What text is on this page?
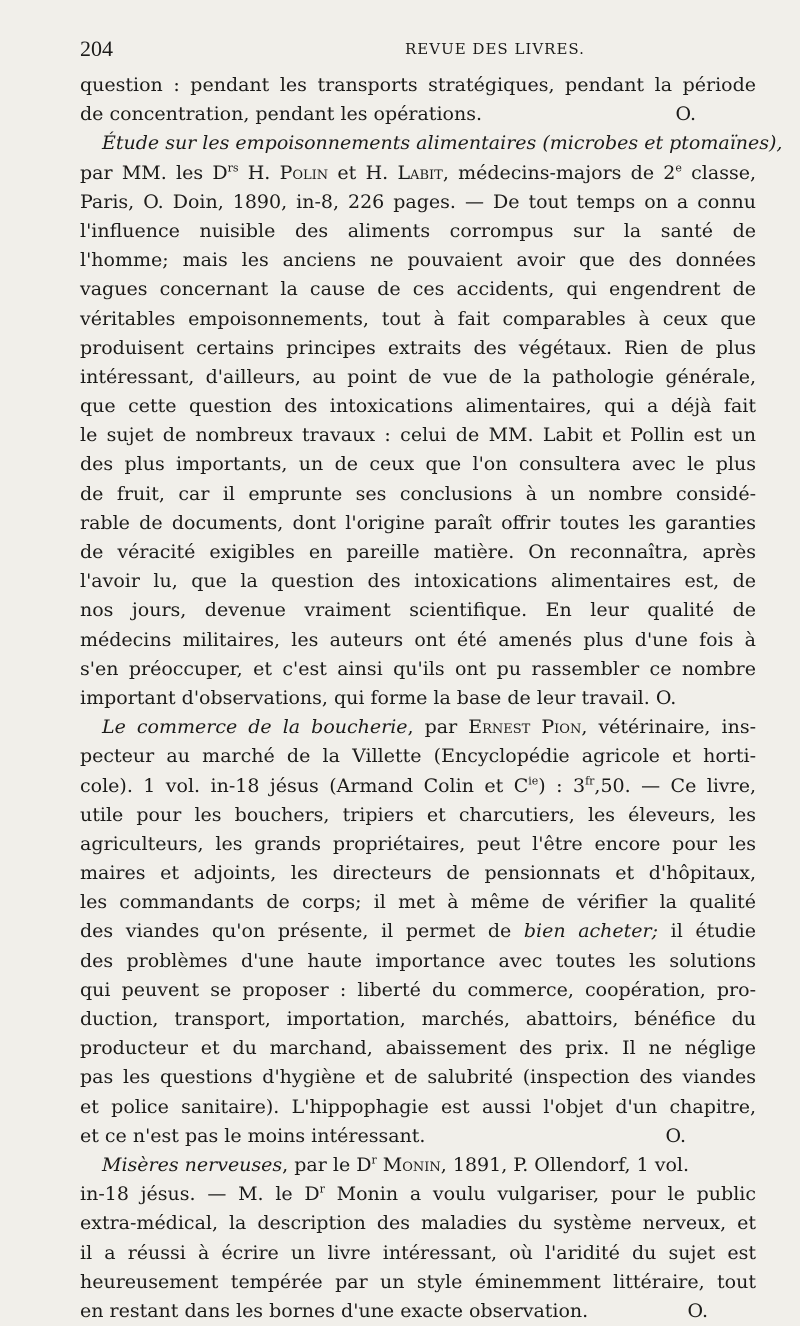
204	REVUE DES LIVRES.
question : pendant les transports stratégiques, pendant la période
de concentration, pendant les opérations.	O.
Étude sur les empoisonnements alimentaires (microbes et ptomaïnes),
par MM. les $D^{rs}$ H. Polin et H. Labit, médecins-majors de 2e classe,
Paris, O. Doin, 1890, in-8, 226 pages. — De tout temps on a connu
l'influence nuisible des aliments corrompus sur la santé de
l'homme; mais les anciens ne pouvaient avoir que des données
vagues concernant la cause de ces accidents, qui engendrent de
véritables empoisonnements, tout à fait comparables à ceux que
produisent certains principes extraits des végétaux. Rien de plus
intéressant, d'ailleurs, au point de vue de la pathologie générale,
que cette question des intoxications alimentaires, qui a déjà fait
le sujet de nombreux travaux : celui de MM. Labit et Pollin est un
des plus importants, un de ceux que l'on consultera avec le plus
de fruit, car il emprunte ses conclusions à un nombre considé-
rable de documents, dont l'origine paraît offrir toutes les garanties
de véracité exigibles en pareille matière. On reconnaîtra, après
l'avoir lu, que la question des intoxications alimentaires est, de
nos jours, devenue vraiment scientifique. En leur qualité de
médecins militaires, les auteurs ont été amenés plus d'une fois à
s'en préoccuper, et c'est ainsi qu'ils ont pu rassembler ce nombre
important d'observations, qui forme la base de leur travail. O.
Le commerce de la boucherie, par Ernest Pion, vétérinaire, ins-
pecteur au marché de la Villette (Encyclopédie agricole et horti-
cole). 1 vol. in-18 jésus (Armand Colin et $C^{ie}$) : $3^{fr},50$. — Ce livre,
utile pour les bouchers, tripiers et charcutiers, les éleveurs, les
agriculteurs, les grands propriétaires, peut l'être encore pour les
maires et adjoints, les directeurs de pensionnats et d'hôpitaux,
les commandants de corps; il met à même de vérifier la qualité
des viandes qu'on présente, il permet de bien acheter; il étudie
des problèmes d'une haute importance avec toutes les solutions
qui peuvent se proposer : liberté du commerce, coopération, pro-
duction, transport, importation, marchés, abattoirs, bénéfice du
producteur et du marchand, abaissement des prix. Il ne néglige
pas les questions d'hygiène et de salubrité (inspection des viandes
et police sanitaire). L'hippophagie est aussi l'objet d'un chapitre,
et ce n'est pas le moins intéressant.	O.
Misères nerveuses, par le $D^r$ Monin, 1891, P. Ollendorf, 1 vol.
in-18 jésus. — M. le $D^r$ Monin a voulu vulgariser, pour le public
extra-médical, la description des maladies du système nerveux, et
il a réussi à écrire un livre intéressant, où l'aridité du sujet est
heureusement tempérée par un style éminemment littéraire, tout
en restant dans les bornes d'une exacte observation.	O.
